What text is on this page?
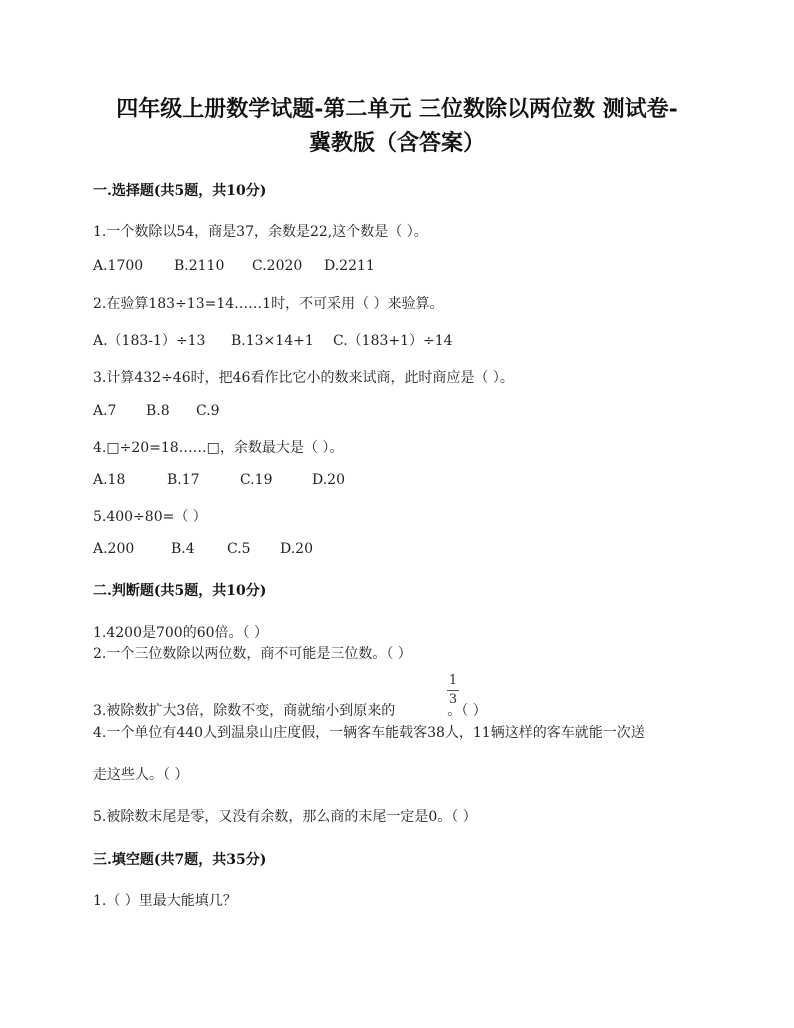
四年级上册数学试题-第二单元 三位数除以两位数 测试卷-
冀教版（含答案）

一.选择题(共5题，共10分)

1.一个数除以54，商是37，余数是22,这个数是（ ）。

A.1700 B.2110 C.2020 D.2211

2.在验算183÷13=14……1时，不可采用（ ）来验算。

A.（183-1）÷13 B.13×14+1 C.（183+1）÷14

3.计算432÷46时，把46看作比它小的数来试商，此时商应是（ ）。

A.7 B.8 C.9

4.□÷20=18……□，余数最大是（ ）。

A.18	B.17	C.19	D.20

5.400÷80=（ ）

A.200	B.4 C.5 D.20

二.判断题(共5题，共10分)

1.4200是700的60倍。（ ）

2.一个三位数除以两位数，商不可能是三位数。（ ）

3.被除数扩大3倍，除数不变，商就缩小到原来的	。（ ）

1
3

4.一个单位有440人到温泉山庄度假，一辆客车能载客38人，11辆这样的客车就能一次送

走这些人。（ ）

5.被除数末尾是零，又没有余数，那么商的末尾一定是0。（ ）

三.填空题(共7题，共35分)

1.（ ）里最大能填几？
